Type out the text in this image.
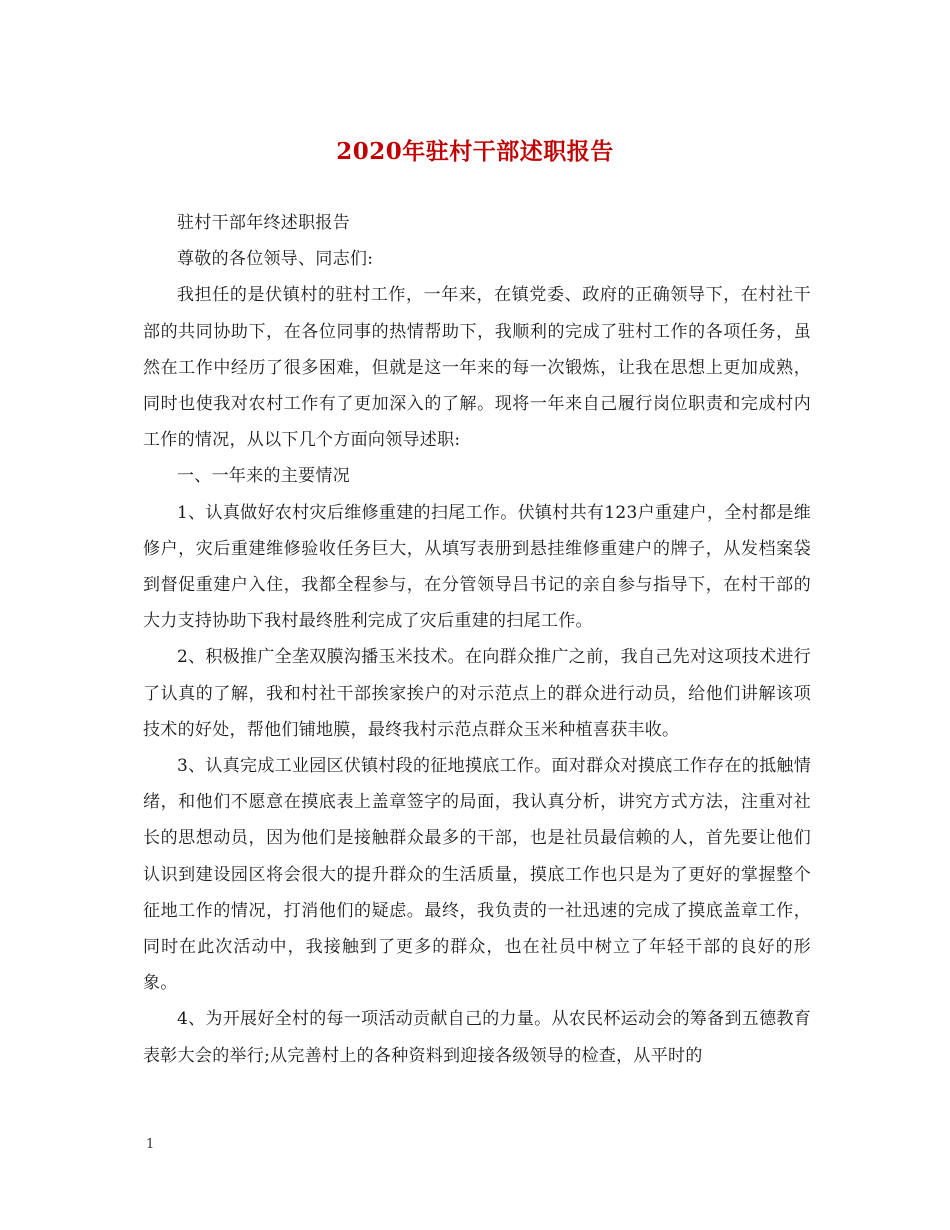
2020年驻村干部述职报告

驻村干部年终述职报告

尊敬的各位领导、同志们:

我担任的是伏镇村的驻村工作，一年来，在镇党委、政府的正确领导下，在村社干部的共同协助下，在各位同事的热情帮助下，我顺利的完成了驻村工作的各项任务，虽然在工作中经历了很多困难，但就是这一年来的每一次锻炼，让我在思想上更加成熟，同时也使我对农村工作有了更加深入的了解。现将一年来自己履行岗位职责和完成村内工作的情况，从以下几个方面向领导述职:

一、一年来的主要情况

1、认真做好农村灾后维修重建的扫尾工作。伏镇村共有123户重建户，全村都是维修户，灾后重建维修验收任务巨大，从填写表册到悬挂维修重建户的牌子，从发档案袋到督促重建户入住，我都全程参与，在分管领导吕书记的亲自参与指导下，在村干部的大力支持协助下我村最终胜利完成了灾后重建的扫尾工作。

2、积极推广全垄双膜沟播玉米技术。在向群众推广之前，我自己先对这项技术进行了认真的了解，我和村社干部挨家挨户的对示范点上的群众进行动员，给他们讲解该项技术的好处，帮他们铺地膜，最终我村示范点群众玉米种植喜获丰收。

3、认真完成工业园区伏镇村段的征地摸底工作。面对群众对摸底工作存在的抵触情绪，和他们不愿意在摸底表上盖章签字的局面，我认真分析，讲究方式方法，注重对社长的思想动员，因为他们是接触群众最多的干部，也是社员最信赖的人，首先要让他们认识到建设园区将会很大的提升群众的生活质量，摸底工作也只是为了更好的掌握整个征地工作的情况，打消他们的疑虑。最终，我负责的一社迅速的完成了摸底盖章工作，同时在此次活动中，我接触到了更多的群众，也在社员中树立了年轻干部的良好的形象。

4、为开展好全村的每一项活动贡献自己的力量。从农民杯运动会的筹备到五德教育表彰大会的举行;从完善村上的各种资料到迎接各级领导的检查，从平时的

1
